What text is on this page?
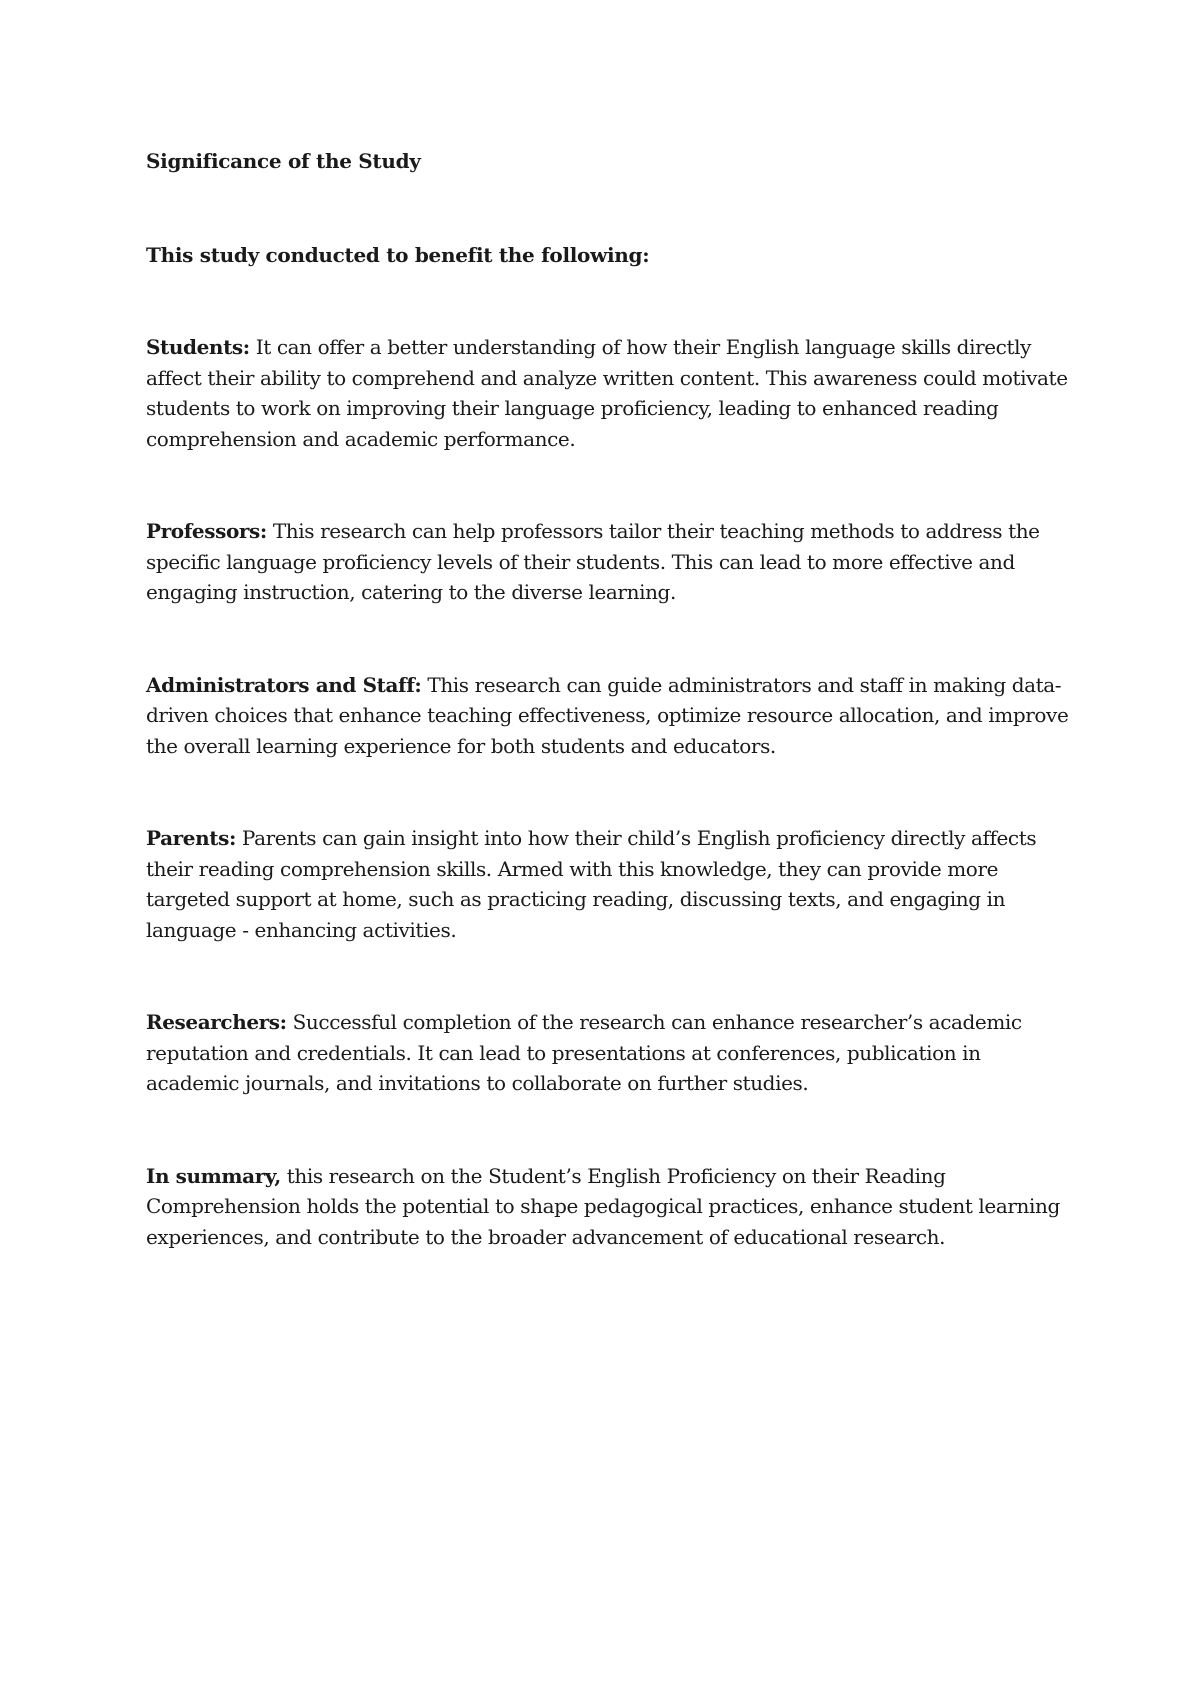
Significance of the Study

This study conducted to benefit the following:

Students: It can offer a better understanding of how their English language skills directly affect their ability to comprehend and analyze written content. This awareness could motivate students to work on improving their language proficiency, leading to enhanced reading comprehension and academic performance.

Professors: This research can help professors tailor their teaching methods to address the specific language proficiency levels of their students. This can lead to more effective and engaging instruction, catering to the diverse learning.

Administrators and Staff: This research can guide administrators and staff in making data-driven choices that enhance teaching effectiveness, optimize resource allocation, and improve the overall learning experience for both students and educators.

Parents: Parents can gain insight into how their child’s English proficiency directly affects their reading comprehension skills. Armed with this knowledge, they can provide more targeted support at home, such as practicing reading, discussing texts, and engaging in language - enhancing activities.

Researchers: Successful completion of the research can enhance researcher’s academic reputation and credentials. It can lead to presentations at conferences, publication in academic journals, and invitations to collaborate on further studies.

In summary, this research on the Student’s English Proficiency on their Reading Comprehension holds the potential to shape pedagogical practices, enhance student learning experiences, and contribute to the broader advancement of educational research.
